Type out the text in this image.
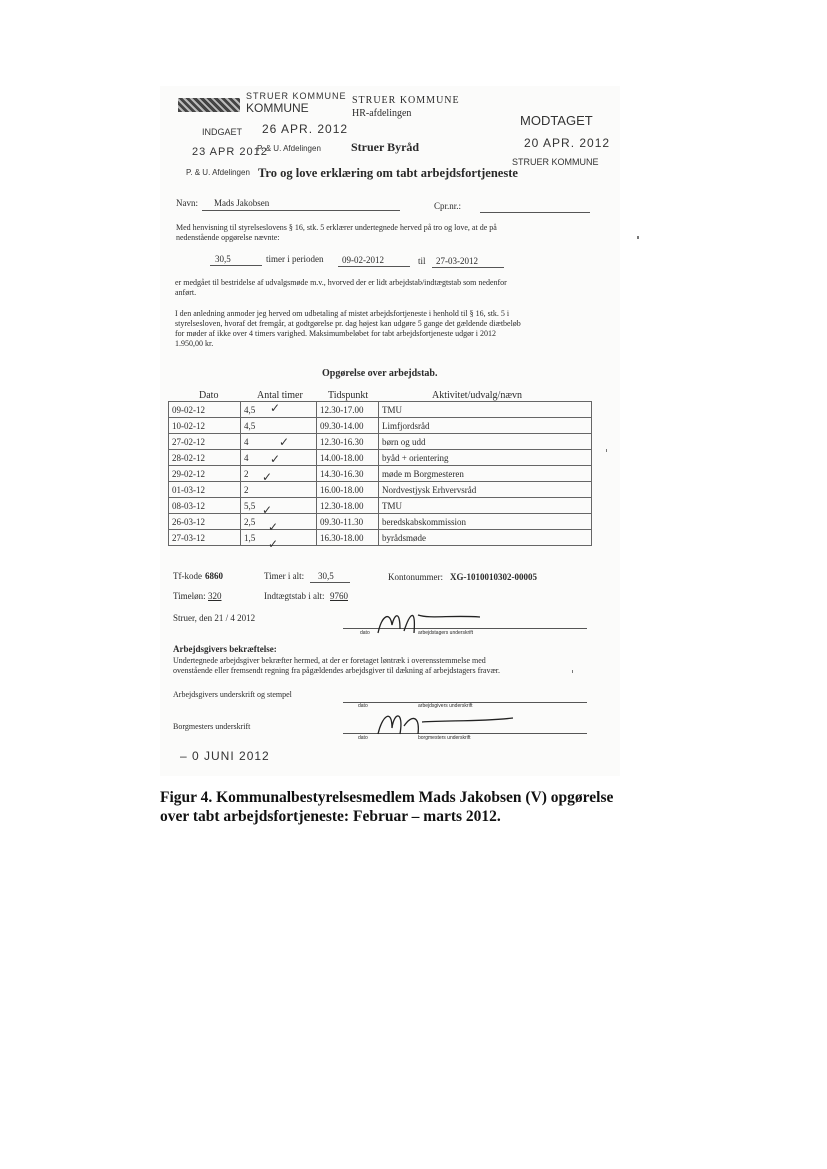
STRUER KOMMUNE
KOMMUNE
STRUER KOMMUNE
HR-afdelingen
INDGAET 26 APR. 2012
23 APR 2012
P. & U. Afdelingen
P. & U. Afdelingen
Struer Byråd
MODTAGET
20 APR. 2012
STRUER KOMMUNE
Tro og love erklæring om tabt arbejdsfortjeneste
Navn: Mads Jakobsen	Cpr.nr.:
Med henvisning til styrelseslovens § 16, stk. 5 erklærer undertegnede herved på tro og love, at de på
nedenstående opgørelse nævnte:
30,5	timer i perioden 09-02-2012	til 27-03-2012
er medgået til bestridelse af udvalgsmøde m.v., hvorved der er lidt arbejdstab/indtægtstab som nedenfor
anført.
I den anledning anmoder jeg herved om udbetaling af mistet arbejdsfortjeneste i henhold til § 16, stk. 5 i
styrelsesloven, hvoraf det fremgår, at godtgørelse pr. dag højest kan udgøre 5 gange det gældende diætbeløb
for møder af ikke over 4 timers varighed. Maksimumbeløbet for tabt arbejdsfortjeneste udgør i 2012
1.950,00 kr.
Opgørelse over arbejdstab.
Dato	Antal timer	Tidspunkt	Aktivitet/udvalg/nævn
09-02-12	4,5	12.30-17.00	TMU
10-02-12	4,5	09.30-14.00	Limfjordsråd
27-02-12	4	12.30-16.30	børn og udd
28-02-12	4	14.00-18.00	byåd + orientering
29-02-12	2	14.30-16.30	møde m Borgmesteren
01-03-12	2	16.00-18.00	Nordvestjysk Erhvervsråd
08-03-12	5,5	12.30-18.00	TMU
26-03-12	2,5	09.30-11.30	beredskabskommission
27-03-12	1,5	16.30-18.00	byrådsmøde
✓
✓
✓
✓
✓
✓
✓
Tf-kode 6860	Timer i alt: 30,5	Kontonummer: XG-1010010302-00005
Timeløn: 320	Indtægtstab i alt: 9760
Struer, den 21 / 4 2012
dato	arbejdstagers underskrift
Arbejdsgivers bekræftelse:
Undertegnede arbejdsgiver bekræfter hermed, at der er foretaget løntræk i overensstemmelse med
ovenstående eller fremsendt regning fra pågældendes arbejdsgiver til dækning af arbejdstagers fravær.
Arbejdsgivers underskrift og stempel
dato	arbejdsgivers underskrift
Borgmesters underskrift
dato	borgmesters underskrift
– 0 JUNI 2012
Figur 4. Kommunalbestyrelsesmedlem Mads Jakobsen (V) opgørelse
over tabt arbejdsfortjeneste: Februar – marts 2012.
